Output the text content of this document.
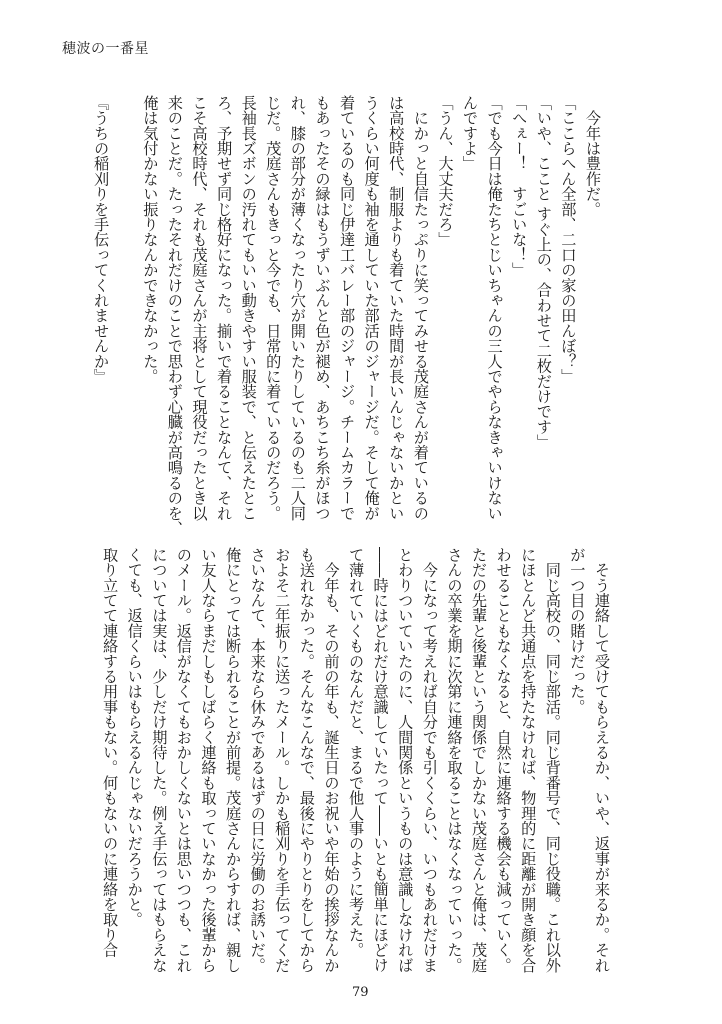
穂波の一番星

　今年は豊作だ。

「ここらへん全部、二口の家の田んぼ？」

「いや、ここと すぐ上の、合わせて二枚だけです」

「へぇー！　すごいな！」

「でも今日は俺たちとじいちゃんの三人でやらなきゃいけない

んですよ」

「うん、大丈夫だろ」

　にかっと自信たっぷりに笑ってみせる茂庭さんが着ているの

は高校時代、制服よりも着ていた時間が長いんじゃないかとい

うくらい何度も袖を通していた部活のジャージだ。そして俺が

着ているのも同じ伊達工バレー部のジャージ。チームカラーで

もあったその緑はもうずいぶんと色が褪め、あちこち糸がほつ

れ、膝の部分が薄くなったり穴が開いたりしているのも二人同

じだ。茂庭さんもきっと今でも、日常的に着ているのだろう。

長袖長ズボンの汚れてもいい動きやすい服装で、と伝えたとこ

ろ、予期せず同じ格好になった。揃いで着ることなんて、それ

こそ高校時代、それも茂庭さんが主将として現役だったとき以

来のことだ。たったそれだけのことで思わず心臓が高鳴るのを、

俺は気付かない振りなんかできなかった。

『うちの稲刈りを手伝ってくれませんか』

　そう連絡して受けてもらえるか、いや、返事が来るか。それ

が一つ目の賭けだった。

　同じ高校の、同じ部活。同じ背番号で、同じ役職。これ以外

にほとんど共通点を持たなければ、物理的に距離が開き顔を合

わせることもなくなると、自然に連絡する機会も減っていく。

ただの先輩と後輩という関係でしかない茂庭さんと俺は、茂庭

さんの卒業を期に次第に連絡を取ることはなくなっていった。

　今になって考えれば自分でも引くくらい、いつもあれだけま

とわりついていたのに、人間関係というものは意識しなければ

――時にはどれだけ意識していたって――いとも簡単にほどけ

て薄れていくものなんだと、まるで他人事のように考えた。

　今年も、その前の年も、誕生日のお祝いや年始の挨拶なんか

も送れなかった。そんなこんなで、最後にやりとりをしてから

およそ二年振りに送ったメール。しかも稲刈りを手伝ってくだ

さいなんて、本来なら休みであるはずの日に労働のお誘いだ。

俺にとっては断られることが前提。茂庭さんからすれば、親し

い友人ならまだしもしばらく連絡も取っていなかった後輩から

のメール。返信がなくてもおかしくないとは思いつつも、これ

については実は、少しだけ期待した。例え手伝ってはもらえな

くても、返信くらいはもらえるんじゃないだろうかと。

取り立てて連絡する用事もない。何もないのに連絡を取り合

79
